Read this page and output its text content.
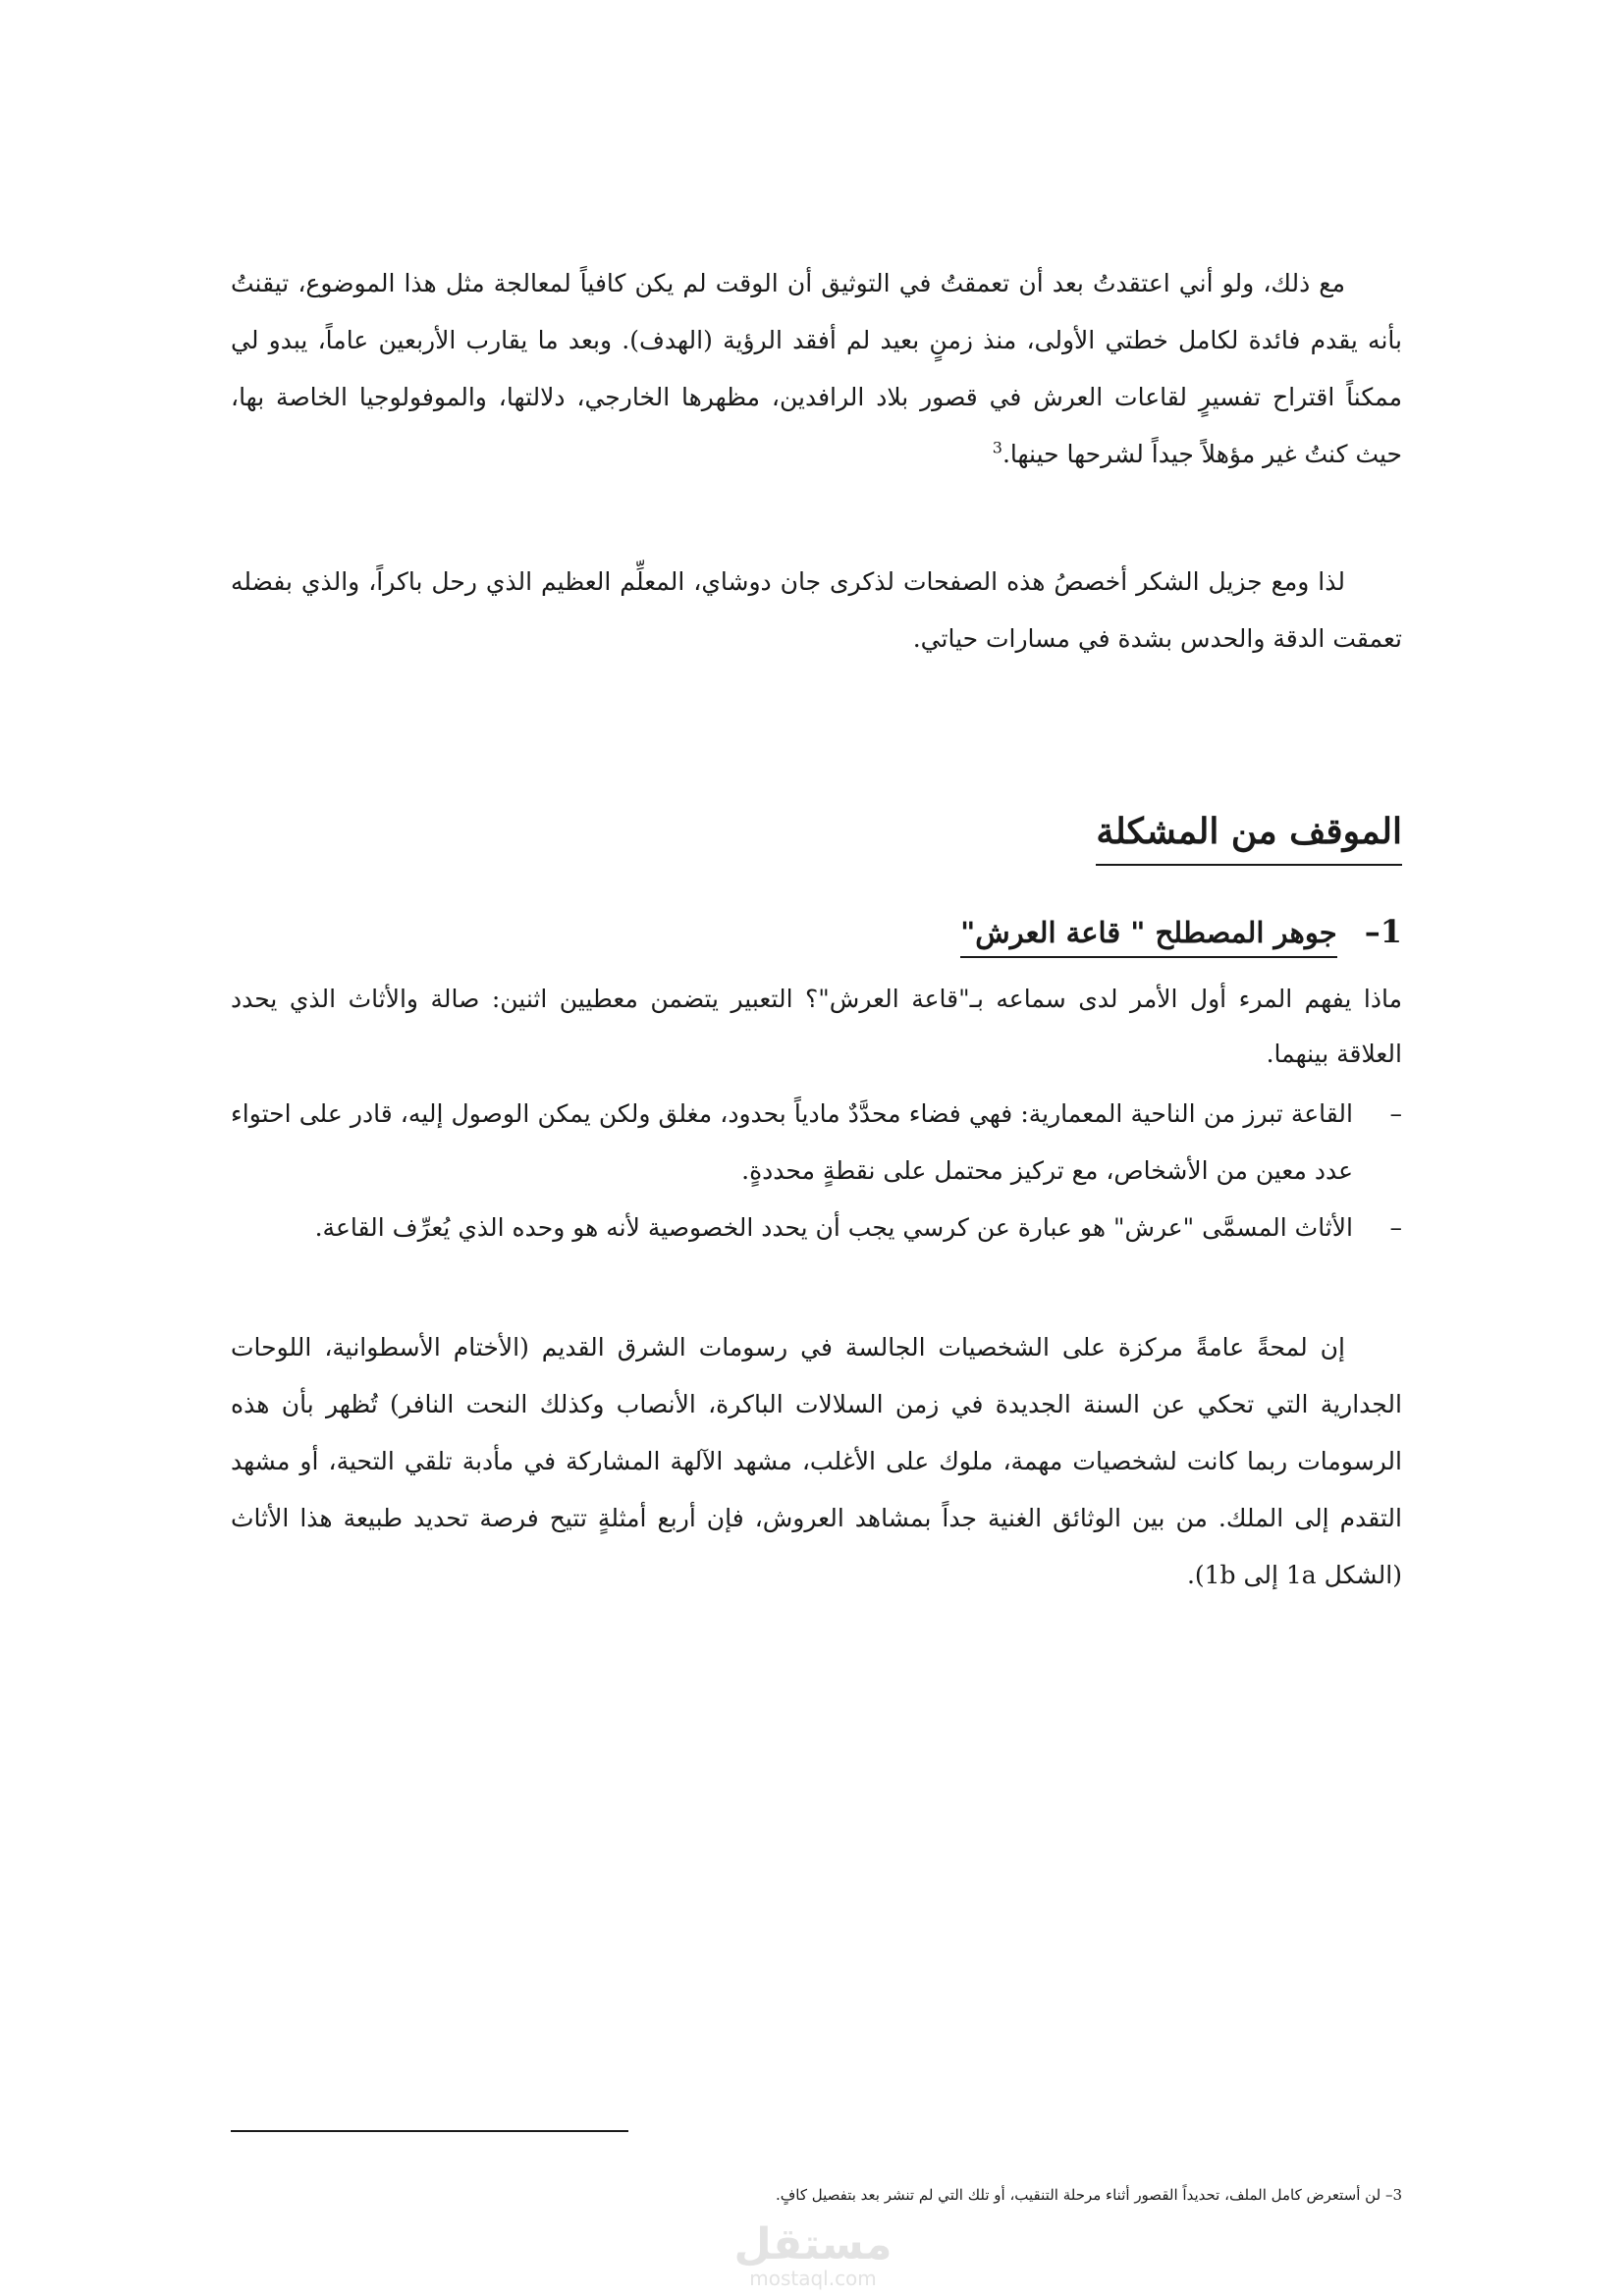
مع ذلك، ولو أني اعتقدتُ بعد أن تعمقتُ في التوثيق أن الوقت لم يكن كافياً لمعالجة مثل هذا الموضوع، تيقنتُ بأنه يقدم فائدة لكامل خطتي الأولى، منذ زمنٍ بعيد لم أفقد الرؤية (الهدف). وبعد ما يقارب الأربعين عاماً، يبدو لي ممكناً اقتراح تفسيرٍ لقاعات العرش في قصور بلاد الرافدين، مظهرها الخارجي، دلالتها، والموفولوجيا الخاصة بها، حيث كنتُ غير مؤهلاً جيداً لشرحها حينها.$^3$

لذا ومع جزيل الشكر أخصصُ هذه الصفحات لذكرى جان دوشاي، المعلِّم العظيم الذي رحل باكراً، والذي بفضله تعمقت الدقة والحدس بشدة في مسارات حياتي.

الموقف من المشكلة
1–
جوهر المصطلح " قاعة العرش"

ماذا يفهم المرء أول الأمر لدى سماعه بـ"قاعة العرش"؟ التعبير يتضمن معطيين اثنين: صالة والأثاث الذي يحدد العلاقة بينهما.

–

القاعة تبرز من الناحية المعمارية: فهي فضاء محدَّدٌ مادياً بحدود، مغلق ولكن يمكن الوصول إليه، قادر على احتواء عدد معين من الأشخاص، مع تركيز محتمل على نقطةٍ محددةٍ.

–

الأثاث المسمَّى "عرش" هو عبارة عن كرسي يجب أن يحدد الخصوصية لأنه هو وحده الذي يُعرِّف القاعة.

إن لمحةً عامةً مركزة على الشخصيات الجالسة في رسومات الشرق القديم (الأختام الأسطوانية، اللوحات الجدارية التي تحكي عن السنة الجديدة في زمن السلالات الباكرة، الأنصاب وكذلك النحت النافر) تُظهر بأن هذه الرسومات ربما كانت لشخصيات مهمة، ملوك على الأغلب، مشهد الآلهة المشاركة في مأدبة تلقي التحية، أو مشهد التقدم إلى الملك. من بين الوثائق الغنية جداً بمشاهد العروش، فإن أربع أمثلةٍ تتيح فرصة تحديد طبيعة هذا الأثاث (الشكل 1a إلى 1b).

3– لن أستعرض كامل الملف، تحديداً القصور أثناء مرحلة التنقيب، أو تلك التي لم تنشر بعد بتفصيل كافٍ.

مستقل
mostaql.com
